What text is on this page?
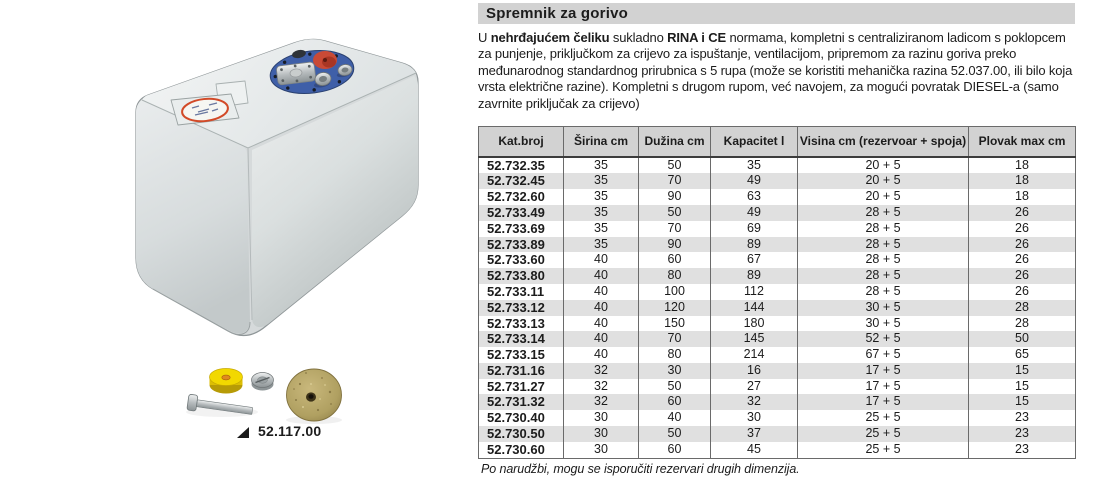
52.117.00
Spremnik za gorivo
U nehrđajućem čeliku sukladno RINA i CE normama, kompletni s centraliziranom ladicom s poklopcem za punjenje, priključkom za crijevo za ispuštanje, ventilacijom, pripremom za razinu goriva preko međunarodnog standardnog prirubnica s 5 rupa (može se koristiti mehanička razina 52.037.00, ili bilo koja vrsta električne razine). Kompletni s drugom rupom, već navojem, za mogući povratak DIESEL-a (samo zavrnite priključak za crijevo)
Kat.broj	Širina cm	Dužina cm	Kapacitet l	Visina cm (rezervoar + spoja)	Plovak max cm
52.732.35	35	50	35	20 + 5	18
52.732.45	35	70	49	20 + 5	18
52.732.60	35	90	63	20 + 5	18
52.733.49	35	50	49	28 + 5	26
52.733.69	35	70	69	28 + 5	26
52.733.89	35	90	89	28 + 5	26
52.733.60	40	60	67	28 + 5	26
52.733.80	40	80	89	28 + 5	26
52.733.11	40	100	112	28 + 5	26
52.733.12	40	120	144	30 + 5	28
52.733.13	40	150	180	30 + 5	28
52.733.14	40	70	145	52 + 5	50
52.733.15	40	80	214	67 + 5	65
52.731.16	32	30	16	17 + 5	15
52.731.27	32	50	27	17 + 5	15
52.731.32	32	60	32	17 + 5	15
52.730.40	30	40	30	25 + 5	23
52.730.50	30	50	37	25 + 5	23
52.730.60	30	60	45	25 + 5	23
Po narudžbi, mogu se isporučiti rezervari drugih dimenzija.
